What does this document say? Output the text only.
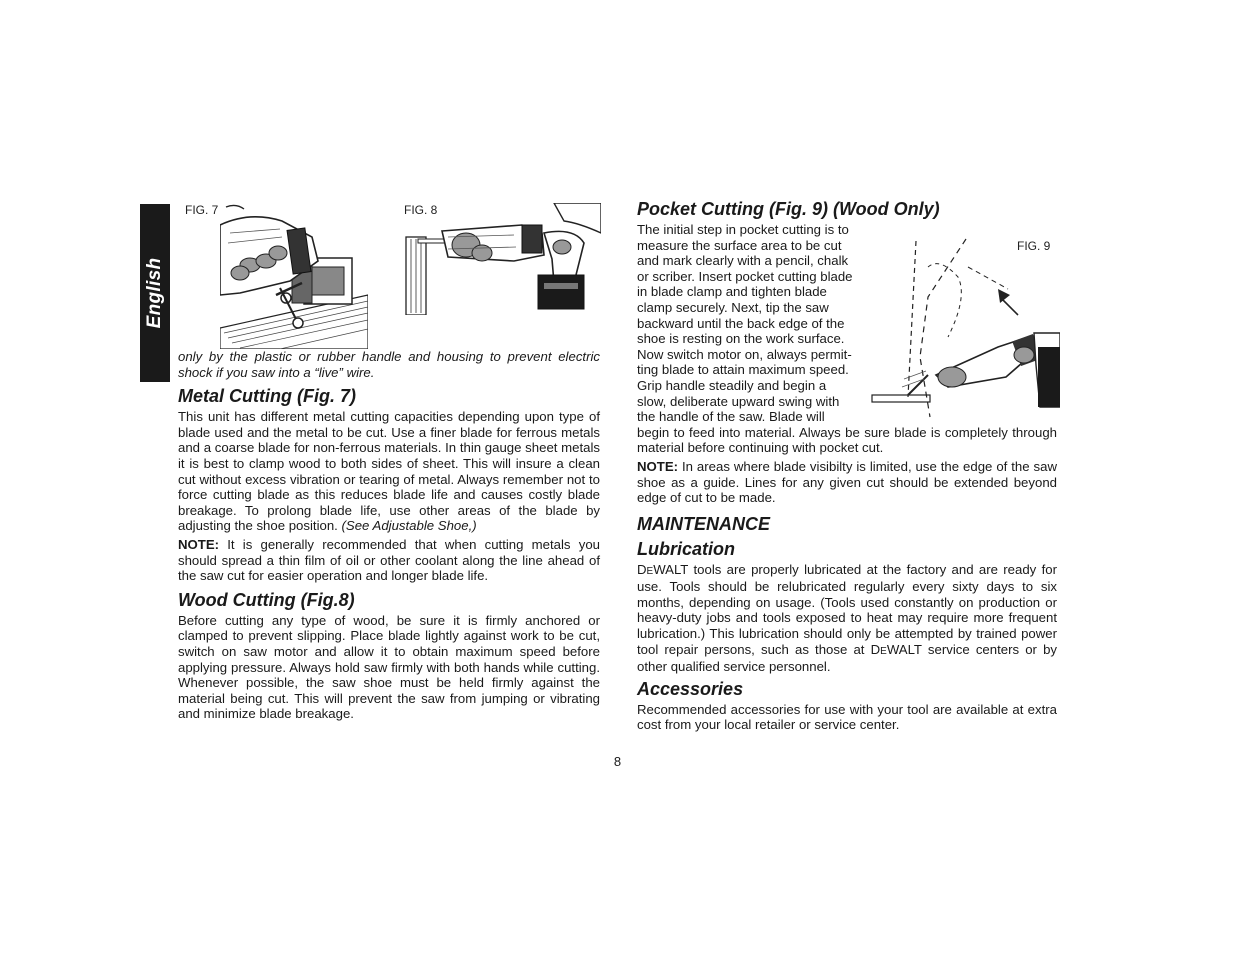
English
FIG. 7	FIG. 8
FIG. 9

only by the plastic or rubber handle and housing to prevent electric shock if you saw into a “live” wire.

Metal Cutting (Fig. 7)

This unit has different metal cutting capacities depending upon type of blade used and the metal to be cut. Use a finer blade for ferrous metals and a coarse blade for non-ferrous materials. In thin gauge sheet metals it is best to clamp wood to both sides of sheet. This will insure a clean cut without excess vibration or tearing of metal. Always remember not to force cutting blade as this reduces blade life and causes costly blade breakage. To prolong blade life, use other areas of the blade by adjusting the shoe position. (See Adjustable Shoe,)

NOTE: It is generally recommended that when cutting metals you should spread a thin film of oil or other coolant along the line ahead of the saw cut for easier operation and longer blade life.

Wood Cutting (Fig.8)

Before cutting any type of wood, be sure it is firmly anchored or clamped to prevent slipping. Place blade lightly against work to be cut, switch on saw motor and allow it to obtain maximum speed before applying pressure. Always hold saw firmly with both hands while cutting. Whenever possible, the saw shoe must be held firmly against the material being cut. This will prevent the saw from jumping or vibrating and minimize blade breakage.

Pocket Cutting (Fig. 9) (Wood Only)
The initial step in pocket cutting is to
measure the surface area to be cut
and mark clearly with a pencil, chalk
or scriber. Insert pocket cutting blade
in blade clamp and tighten blade
clamp securely. Next, tip the saw
backward until the back edge of the
shoe is resting on the work surface.
Now switch motor on, always permit-
ting blade to attain maximum speed.
Grip handle steadily and begin a
slow, deliberate upward swing with
the handle of the saw. Blade will

begin to feed into material. Always be sure blade is completely through material before continuing with pocket cut.

NOTE: In areas where blade visibilty is limited, use the edge of the saw shoe as a guide. Lines for any given cut should be extended beyond edge of cut to be made.

MAINTENANCE
Lubrication

DEWALT tools are properly lubricated at the factory and are ready for use. Tools should be relubricated regularly every sixty days to six months, depending on usage. (Tools used constantly on production or heavy-duty jobs and tools exposed to heat may require more frequent lubrication.) This lubrication should only be attempted by trained power tool repair persons, such as those at DEWALT service centers or by other qualified service personnel.

Accessories

Recommended accessories for use with your tool are available at extra cost from your local retailer or service center.

8
